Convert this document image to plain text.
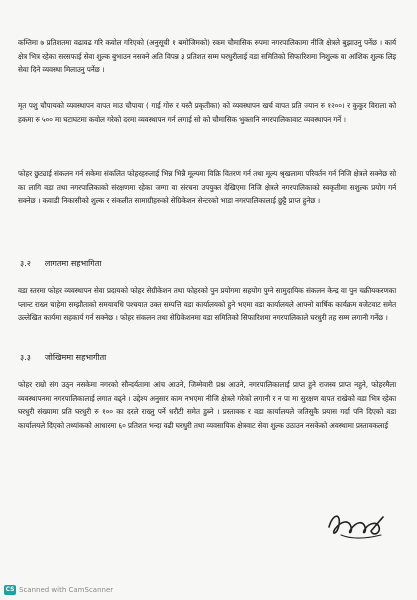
कम्तिमा ७ प्रतिशतमा वढावढ गरि कवोल गरिएको (अनुसूची १ बमोजिमको) रकम चौमासिक रुपमा नगरपालिकामा नीजि क्षेत्रले बुझाउनु पर्नेछ । कार्य क्षेत्र भित्र रहेका सरसफाई सेवा शुल्क बुभाउन नसक्ने अति विपन्न ३ प्रतिशत सम्म घरधुरीलाई वडा समितिको सिफारिशमा निशुल्क वा आंशिक शुल्क लिइ सेवा दिने व्यवस्था मिलाउनु पर्नेछ ।
मृत पशु चौपायको व्यवस्थापन वापत माउ चौपाया ( गाई गोरु र यस्तै प्रकृतीका) को व्यवस्थापन खर्च वापत प्रति ज्यान रु १२००। र कुकुर विराला को हकमा रु ५०० मा घटाघटमा कवोल गरेको दरमा व्यवस्थापन गर्न लगाई सो को चौमासिक भुक्तानि नगरपालिकावाट व्यवस्थापन गर्ने ।
फोहर छुट्याई संकलन गर्न सकेमा संकलित फोहरहरुलाई भिन्न भिन्नै मूल्यमा विक्रि वितरण गर्न तथा मूल्य श्रृखलामा परिवर्तन गर्न निजि क्षेत्रले सक्नेछ सो का लागि वडा तथा नगरपालिकाको संरक्षणमा रहेका जग्गा वा संरचना उपयुक्त देखिएमा निजि क्षेत्रले नगरपालिकाको स्वकृतीमा सशुल्क प्रयोग गर्न सक्नेछ । कवाडी निकासीको शुल्क र संकलीत सामाग्रीहरुको सेग्रिकेशन सेन्टरको भाडा नगरपालिकालाई छुट्टै प्राप्त हुनेछ ।
३.२ लागतमा सहभागिता
वडा स्तरमा फोहर व्यवस्थापन सेवा प्रदायको फोहर सेग्रीकेशन तथा फोहरको पुन प्रयोगमा सहयोग पुग्ने सामुदायिक संकलन केन्द्र वा पुन चक्रीयकरणका प्लान्ट राख्न चाहेमा सम्झौताको समयावधि पश्चयात उक्त सम्पत्ति वडा कार्यालयको हुने भएमा वडा कार्यालयले आफ्नो वार्षिक कार्यक्रम वजेटवाट समेत उल्लेखित कार्यमा सहकार्य गर्न सक्नेछ । फोहर संकलन तथा सेग्रिकेशनमा वडा समितिको सिफारिशमा नगरपालिकाले घरधुरी तह सम्म लगानी गर्नेछ ।
३.३ जोखिममा सहभागीता
फोहर राम्रो संग उठ्न नसकेमा नगरको सौन्दर्यतामा आंच आउने, जिम्मेवारी प्रश्न आउने, नगरपालिकालाई प्राप्त हुने राजस्व प्राप्त नहुने, फोहरमैला व्यवस्थापनमा नगरपालिकालाई लगात वढ्ने । उद्देश्य अनुसार काम नभएमा नीजि क्षेत्रले गरेको लगानी र न पा मा सुरक्षण वापत राखेको वडा भित्र रहेका घरधुरी संख्यामा प्रति घरधुरी रु १०० का दरले राख्नु पर्ने धरौटी समेत डुब्ने । प्रस्तावक र वडा कार्यालयले जतिसुकै प्रयास गर्दा पनि दिएको वडा कार्यालयले दिएको तथ्यांकको आधारमा ६० प्रतिशत भन्दा वढी घरधुरी तथा व्यवसायिक क्षेत्रवाट सेवा शुल्क उठाउन नसकेको अवस्थामा प्रस्तावकलाई
CS Scanned with CamScanner
